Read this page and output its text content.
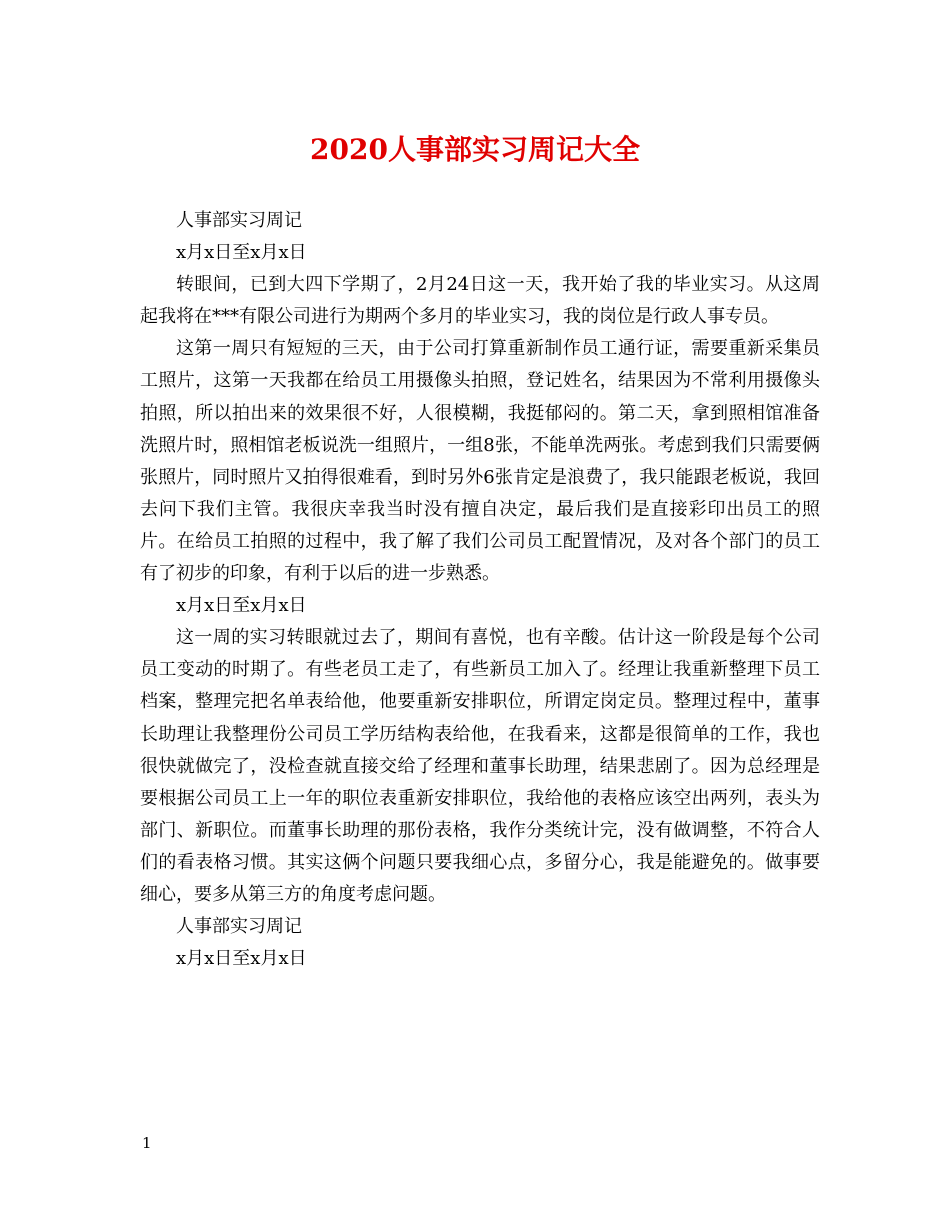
2020人事部实习周记大全

人事部实习周记

x月x日至x月x日

转眼间，已到大四下学期了，2月24日这一天，我开始了我的毕业实习。从这周起我将在***有限公司进行为期两个多月的毕业实习，我的岗位是行政人事专员。

这第一周只有短短的三天，由于公司打算重新制作员工通行证，需要重新采集员工照片，这第一天我都在给员工用摄像头拍照，登记姓名，结果因为不常利用摄像头拍照，所以拍出来的效果很不好，人很模糊，我挺郁闷的。第二天，拿到照相馆准备洗照片时，照相馆老板说洗一组照片，一组8张，不能单洗两张。考虑到我们只需要俩张照片，同时照片又拍得很难看，到时另外6张肯定是浪费了，我只能跟老板说，我回去问下我们主管。我很庆幸我当时没有擅自决定，最后我们是直接彩印出员工的照片。在给员工拍照的过程中，我了解了我们公司员工配置情况，及对各个部门的员工有了初步的印象，有利于以后的进一步熟悉。

x月x日至x月x日

这一周的实习转眼就过去了，期间有喜悦，也有辛酸。估计这一阶段是每个公司员工变动的时期了。有些老员工走了，有些新员工加入了。经理让我重新整理下员工档案，整理完把名单表给他，他要重新安排职位，所谓定岗定员。整理过程中，董事长助理让我整理份公司员工学历结构表给他，在我看来，这都是很简单的工作，我也很快就做完了，没检查就直接交给了经理和董事长助理，结果悲剧了。因为总经理是要根据公司员工上一年的职位表重新安排职位，我给他的表格应该空出两列，表头为部门、新职位。而董事长助理的那份表格，我作分类统计完，没有做调整，不符合人们的看表格习惯。其实这俩个问题只要我细心点，多留分心，我是能避免的。做事要细心，要多从第三方的角度考虑问题。

人事部实习周记

x月x日至x月x日

1
